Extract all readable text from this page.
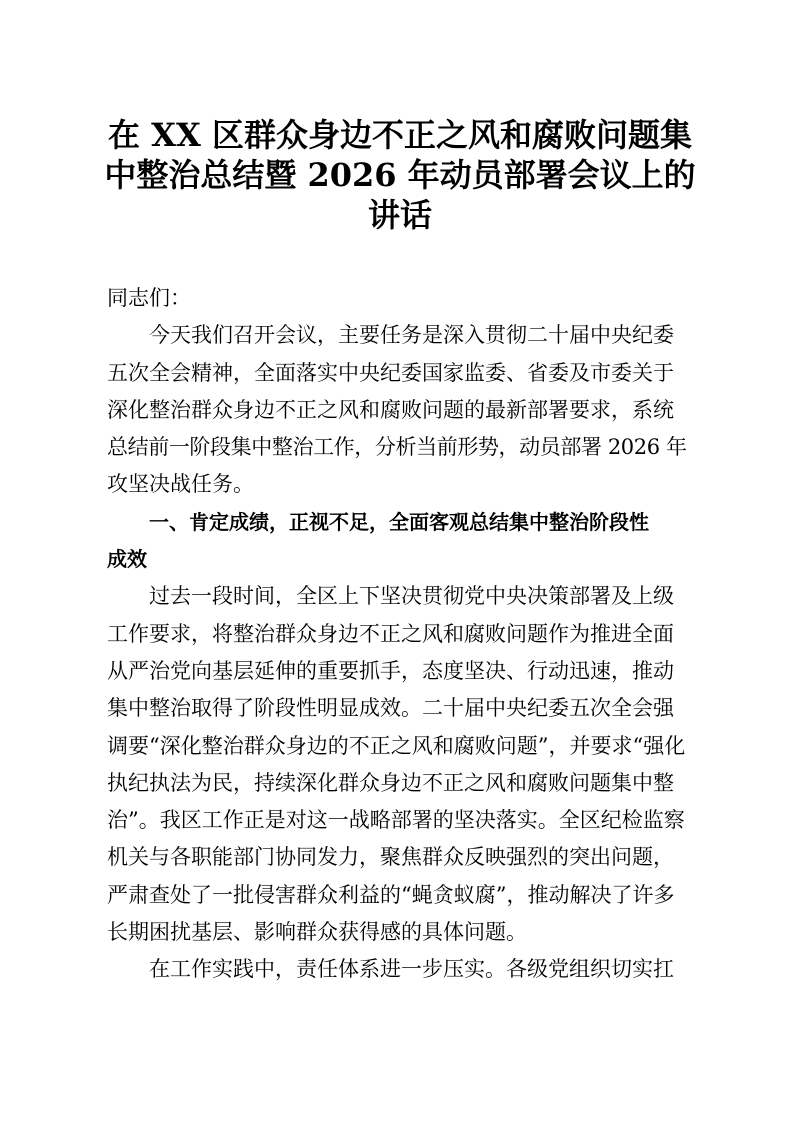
在 XX 区群众身边不正之风和腐败问题集
中整治总结暨 2026 年动员部署会议上的
讲话
同志们：
今天我们召开会议，主要任务是深入贯彻二十届中央纪委
五次全会精神，全面落实中央纪委国家监委、省委及市委关于
深化整治群众身边不正之风和腐败问题的最新部署要求，系统
总结前一阶段集中整治工作，分析当前形势，动员部署 2026 年
攻坚决战任务。
一、肯定成绩，正视不足，全面客观总结集中整治阶段性
成效
过去一段时间，全区上下坚决贯彻党中央决策部署及上级
工作要求，将整治群众身边不正之风和腐败问题作为推进全面
从严治党向基层延伸的重要抓手，态度坚决、行动迅速，推动
集中整治取得了阶段性明显成效。二十届中央纪委五次全会强
调要“深化整治群众身边的不正之风和腐败问题”，并要求“强化
执纪执法为民，持续深化群众身边不正之风和腐败问题集中整
治”。我区工作正是对这一战略部署的坚决落实。全区纪检监察
机关与各职能部门协同发力，聚焦群众反映强烈的突出问题，
严肃查处了一批侵害群众利益的“蝇贪蚁腐”，推动解决了许多
长期困扰基层、影响群众获得感的具体问题。
在工作实践中，责任体系进一步压实。各级党组织切实扛
